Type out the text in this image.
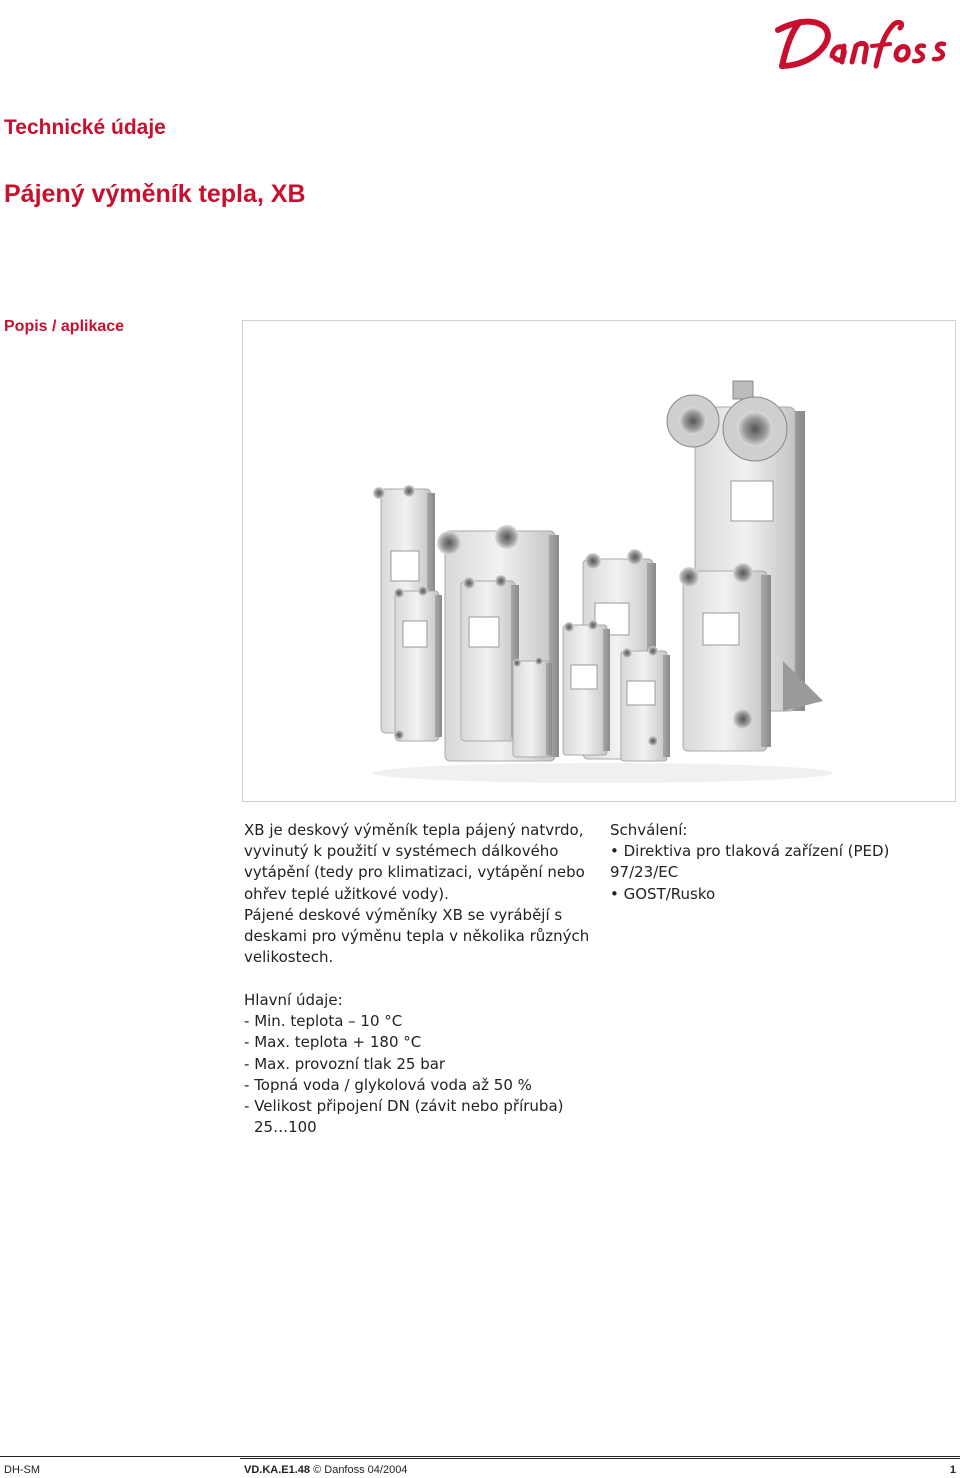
Technické údaje
Pájený výměník tepla, XB
Popis / aplikace

XB je deskový výměník tepla pájený natvrdo, vyvinutý k použití v systémech dálkového vytápění (tedy pro klimatizaci, vytápění nebo ohřev teplé užitkové vody).

Pájené deskové výměníky XB se vyrábějí s deskami pro výměnu tepla v několika různých velikostech.

Schválení:
• Direktiva pro tlaková zařízení (PED) 97/23/EC
• GOST/Rusko
Hlavní údaje:
- Min. teplota – 10 °C
- Max. teplota + 180 °C
- Max. provozní tlak 25 bar
- Topná voda / glykolová voda až 50 %
- Velikost připojení DN (závit nebo příruba)
25…100
DH-SM	VD.KA.E1.48 © Danfoss 04/2004	1
